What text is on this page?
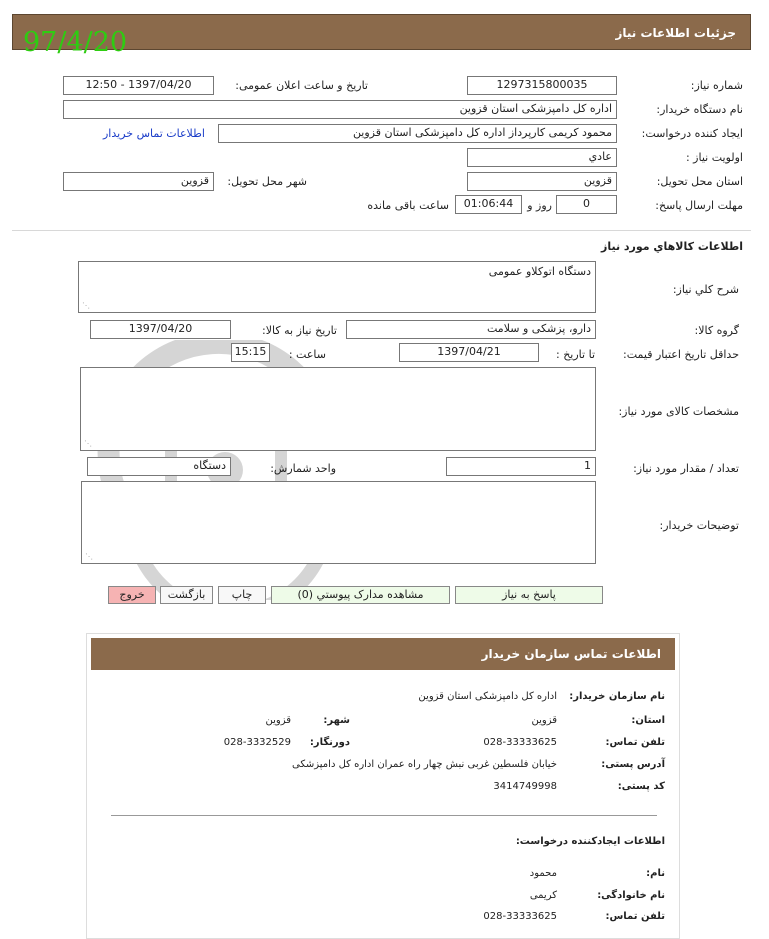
97/4/20	جزئیات اطلاعات نیاز
شماره نیاز:
1297315800035
تاریخ و ساعت اعلان عمومی:
1397/04/20 - 12:50
نام دستگاه خریدار:
اداره کل دامپزشکی استان قزوین
ایجاد کننده درخواست:
محمود کریمی کارپرداز اداره کل دامپزشکی استان قزوین
اطلاعات تماس خریدار
اولویت نیاز :
عادي
استان محل تحویل:
قزوین
شهر محل تحویل:
قزوین
مهلت ارسال پاسخ:
0
روز و
01:06:44
ساعت باقی مانده
اطلاعات کالاهاي مورد نیاز
شرح کلي نیاز:
دستگاه اتوکلاو عمومی
⋰
گروه کالا:
دارو، پزشکی و سلامت
تاریخ نیاز به کالا:
1397/04/20
حداقل تاریخ اعتبار قیمت:
تا تاریخ :
1397/04/21
ساعت :
15:15
مشخصات کالای مورد نیاز:
⋰
تعداد / مقدار مورد نیاز:
1
واحد شمارش:
دستگاه
توضیحات خریدار:
⋰
پاسخ به نیاز
مشاهده مدارک پیوستي (0)
چاپ
بازگشت
خروج
اطلاعات تماس سازمان خریدار
نام سازمان خریدار:
اداره کل دامپزشکی استان قزوین
استان:
قزوین
شهر:
قزوین
تلفن تماس:
028-33333625
دورنگار:
028-3332529
آدرس پستی:
خیابان فلسطین غربی نبش چهار راه عمران اداره کل دامپزشکی
کد پستی:
3414749998
اطلاعات ایجادکننده درخواست:
نام:
محمود
نام خانوادگی:
کریمی
تلفن تماس:
028-33333625
